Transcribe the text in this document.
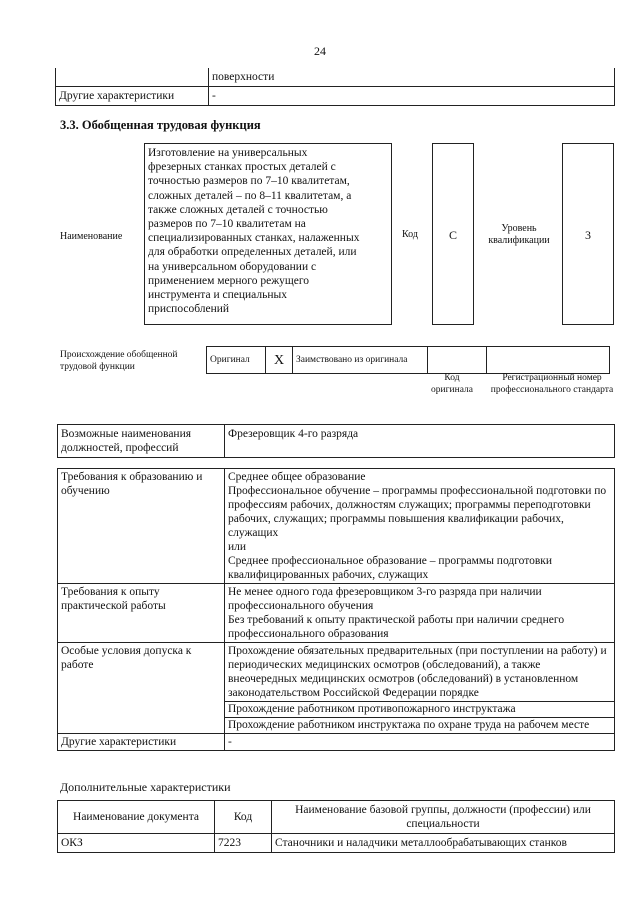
24
	поверхности
Другие характеристики	-
3.3. Обобщенная трудовая функция
Наименование
Изготовление на универсальных
фрезерных станках простых деталей с
точностью размеров по 7–10 квалитетам,
сложных деталей – по 8–11 квалитетам, а
также сложных деталей с точностью
размеров по 7–10 квалитетам на
специализированных станках, налаженных
для обработки определенных деталей, или
на универсальном оборудовании с
применением мерного режущего
инструмента и специальных
приспособлений
Код	C	Уровень квалификации	3
Происхождение обобщенной трудовой функции
Оригинал	X	Заимствовано из оригинала		
Код оригинала
Регистрационный номер профессионального стандарта
Возможные наименования должностей, профессий	Фрезеровщик 4-го разряда
Требования к образованию и обучению	Среднее общее образование
Профессиональное обучение – программы профессиональной подготовки по профессиям рабочих, должностям служащих; программы переподготовки рабочих, служащих; программы повышения квалификации рабочих, служащих
или
Среднее профессиональное образование – программы подготовки квалифицированных рабочих, служащих

Требования к опыту практической работы	Не менее одного года фрезеровщиком 3-го разряда при наличии профессионального обучения
Без требований к опыту практической работы при наличии среднего профессионального образования

Особые условия допуска к работе	Прохождение обязательных предварительных (при поступлении на работу) и периодических медицинских осмотров (обследований), а также внеочередных медицинских осмотров (обследований) в установленном законодательством Российской Федерации порядке
Прохождение работником противопожарного инструктажа
Прохождение работником инструктажа по охране труда на рабочем месте

Другие характеристики	-
Дополнительные характеристики
Наименование документа	Код	Наименование базовой группы, должности (профессии) или специальности
ОКЗ	7223	Станочники и наладчики металлообрабатывающих станков
